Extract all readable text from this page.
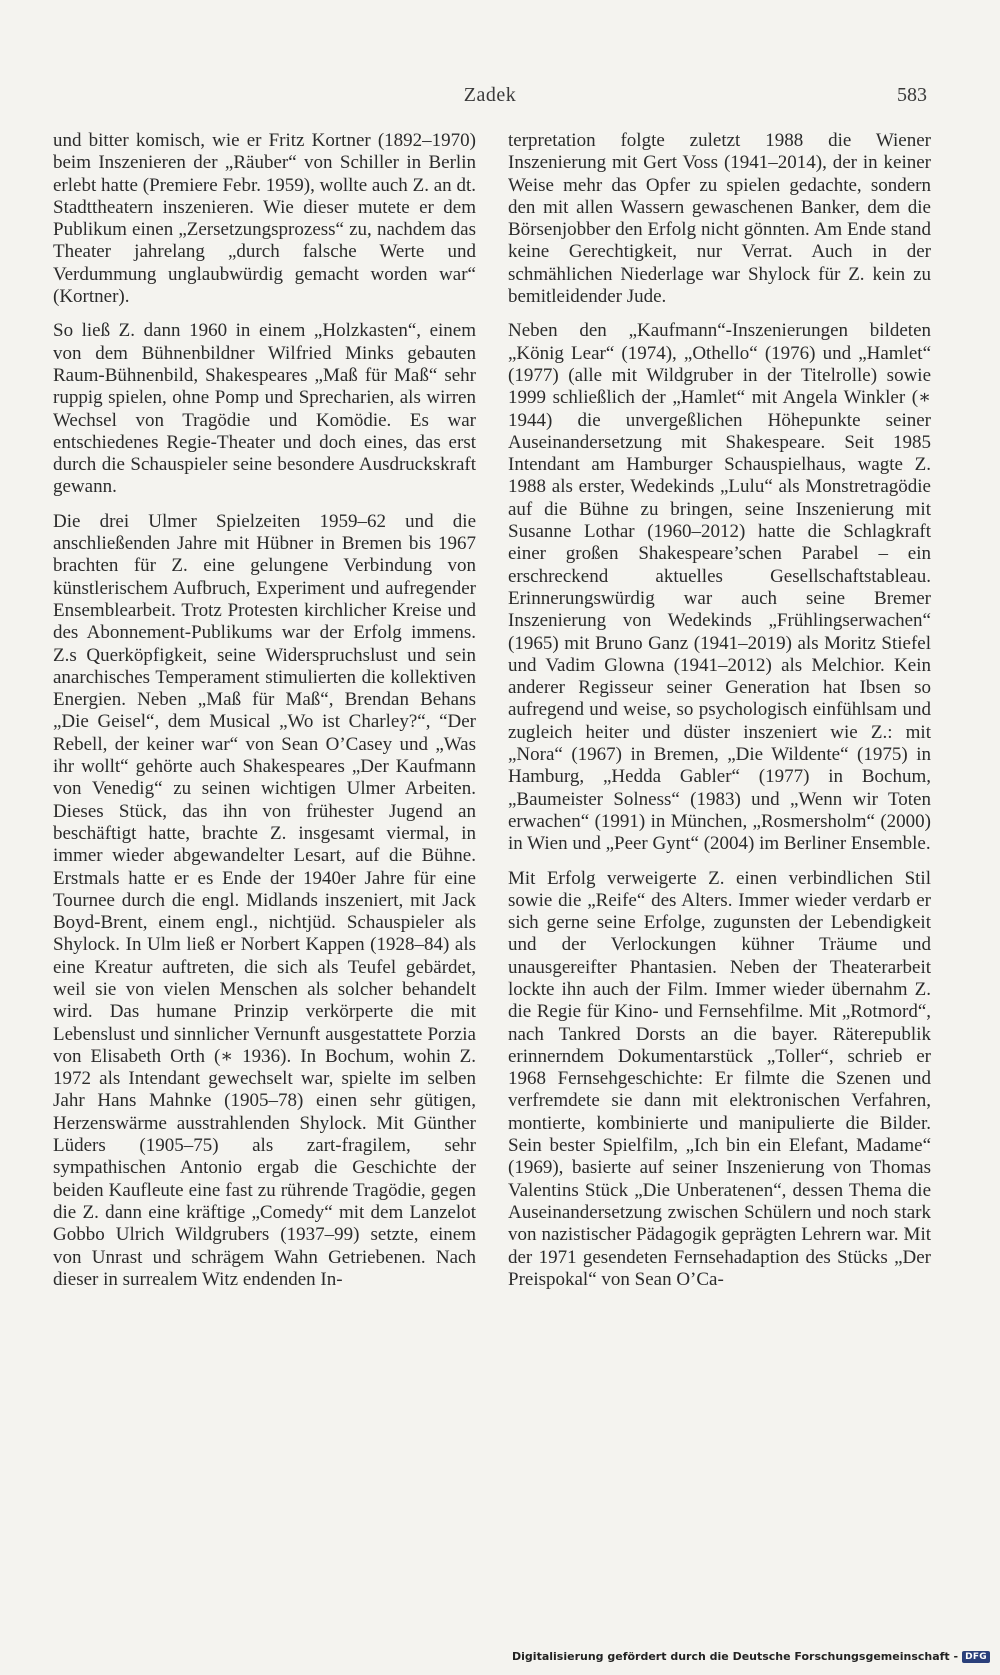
Zadek	583

und bitter komisch, wie er Fritz Kortner (1892–1970) beim Inszenieren der „Räuber“ von Schiller in Berlin erlebt hatte (Premiere Febr. 1959), wollte auch Z. an dt. Stadttheatern inszenieren. Wie dieser mutete er dem Publikum einen „Zersetzungsprozess“ zu, nachdem das Theater jahrelang „durch falsche Werte und Verdummung unglaubwürdig gemacht worden war“ (Kortner).

So ließ Z. dann 1960 in einem „Holzkasten“, einem von dem Bühnenbildner Wilfried Minks gebauten Raum-Bühnenbild, Shakespeares „Maß für Maß“ sehr ruppig spielen, ohne Pomp und Sprecharien, als wirren Wechsel von Tragödie und Komödie. Es war entschiedenes Regie-Theater und doch eines, das erst durch die Schauspieler seine besondere Ausdruckskraft gewann.

Die drei Ulmer Spielzeiten 1959–62 und die anschließenden Jahre mit Hübner in Bremen bis 1967 brachten für Z. eine gelungene Verbindung von künstlerischem Aufbruch, Experiment und aufregender Ensemblearbeit. Trotz Protesten kirchlicher Kreise und des Abonnement-Publikums war der Erfolg immens. Z.s Querköpfigkeit, seine Widerspruchslust und sein anarchisches Temperament stimulierten die kollektiven Energien. Neben „Maß für Maß“, Brendan Behans „Die Geisel“, dem Musical „Wo ist Charley?“, “Der Rebell, der keiner war“ von Sean O’Casey und „Was ihr wollt“ gehörte auch Shakespeares „Der Kaufmann von Venedig“ zu seinen wichtigen Ulmer Arbeiten. Dieses Stück, das ihn von frühester Jugend an beschäftigt hatte, brachte Z. insgesamt viermal, in immer wieder abgewandelter Lesart, auf die Bühne. Erstmals hatte er es Ende der 1940er Jahre für eine Tournee durch die engl. Midlands inszeniert, mit Jack Boyd-Brent, einem engl., nichtjüd. Schauspieler als Shylock. In Ulm ließ er Norbert Kappen (1928–84) als eine Kreatur auftreten, die sich als Teufel gebärdet, weil sie von vielen Menschen als solcher behandelt wird. Das humane Prinzip verkörperte die mit Lebenslust und sinnlicher Vernunft ausgestattete Porzia von Elisabeth Orth (∗ 1936). In Bochum, wohin Z. 1972 als Intendant gewechselt war, spielte im selben Jahr Hans Mahnke (1905–78) einen sehr gütigen, Herzenswärme ausstrahlenden Shylock. Mit Günther Lüders (1905–75) als zart-fragilem, sehr sympathischen Antonio ergab die Geschichte der beiden Kaufleute eine fast zu rührende Tragödie, gegen die Z. dann eine kräftige „Comedy“ mit dem Lanzelot Gobbo Ulrich Wildgrubers (1937–99) setzte, einem von Unrast und schrägem Wahn Getriebenen. Nach dieser in surrealem Witz endenden In-

terpretation folgte zuletzt 1988 die Wiener Inszenierung mit Gert Voss (1941–2014), der in keiner Weise mehr das Opfer zu spielen gedachte, sondern den mit allen Wassern gewaschenen Banker, dem die Börsenjobber den Erfolg nicht gönnten. Am Ende stand keine Gerechtigkeit, nur Verrat. Auch in der schmählichen Niederlage war Shylock für Z. kein zu bemitleidender Jude.

Neben den „Kaufmann“-Inszenierungen bildeten „König Lear“ (1974), „Othello“ (1976) und „Hamlet“ (1977) (alle mit Wildgruber in der Titelrolle) sowie 1999 schließlich der „Hamlet“ mit Angela Winkler (∗ 1944) die unvergeßlichen Höhepunkte seiner Auseinandersetzung mit Shakespeare. Seit 1985 Intendant am Hamburger Schauspielhaus, wagte Z. 1988 als erster, Wedekinds „Lulu“ als Monstretragödie auf die Bühne zu bringen, seine Inszenierung mit Susanne Lothar (1960–2012) hatte die Schlagkraft einer großen Shakespeare’schen Parabel – ein erschreckend aktuelles Gesellschaftstableau. Erinnerungswürdig war auch seine Bremer Inszenierung von Wedekinds „Frühlingserwachen“ (1965) mit Bruno Ganz (1941–2019) als Moritz Stiefel und Vadim Glowna (1941–2012) als Melchior. Kein anderer Regisseur seiner Generation hat Ibsen so aufregend und weise, so psychologisch einfühlsam und zugleich heiter und düster inszeniert wie Z.: mit „Nora“ (1967) in Bremen, „Die Wildente“ (1975) in Hamburg, „Hedda Gabler“ (1977) in Bochum, „Baumeister Solness“ (1983) und „Wenn wir Toten erwachen“ (1991) in München, „Rosmersholm“ (2000) in Wien und „Peer Gynt“ (2004) im Berliner Ensemble.

Mit Erfolg verweigerte Z. einen verbindlichen Stil sowie die „Reife“ des Alters. Immer wieder verdarb er sich gerne seine Erfolge, zugunsten der Lebendigkeit und der Verlockungen kühner Träume und unausgereifter Phantasien. Neben der Theaterarbeit lockte ihn auch der Film. Immer wieder übernahm Z. die Regie für Kino- und Fernsehfilme. Mit „Rotmord“, nach Tankred Dorsts an die bayer. Räterepublik erinnerndem Dokumentarstück „Toller“, schrieb er 1968 Fernsehgeschichte: Er filmte die Szenen und verfremdete sie dann mit elektronischen Verfahren, montierte, kombinierte und manipulierte die Bilder. Sein bester Spielfilm, „Ich bin ein Elefant, Madame“ (1969), basierte auf seiner Inszenierung von Thomas Valentins Stück „Die Unberatenen“, dessen Thema die Auseinandersetzung zwischen Schülern und noch stark von nazistischer Pädagogik geprägten Lehrern war. Mit der 1971 gesendeten Fernsehadaption des Stücks „Der Preispokal“ von Sean O’Ca-

Digitalisierung gefördert durch die Deutsche Forschungsgemeinschaft - DFG
